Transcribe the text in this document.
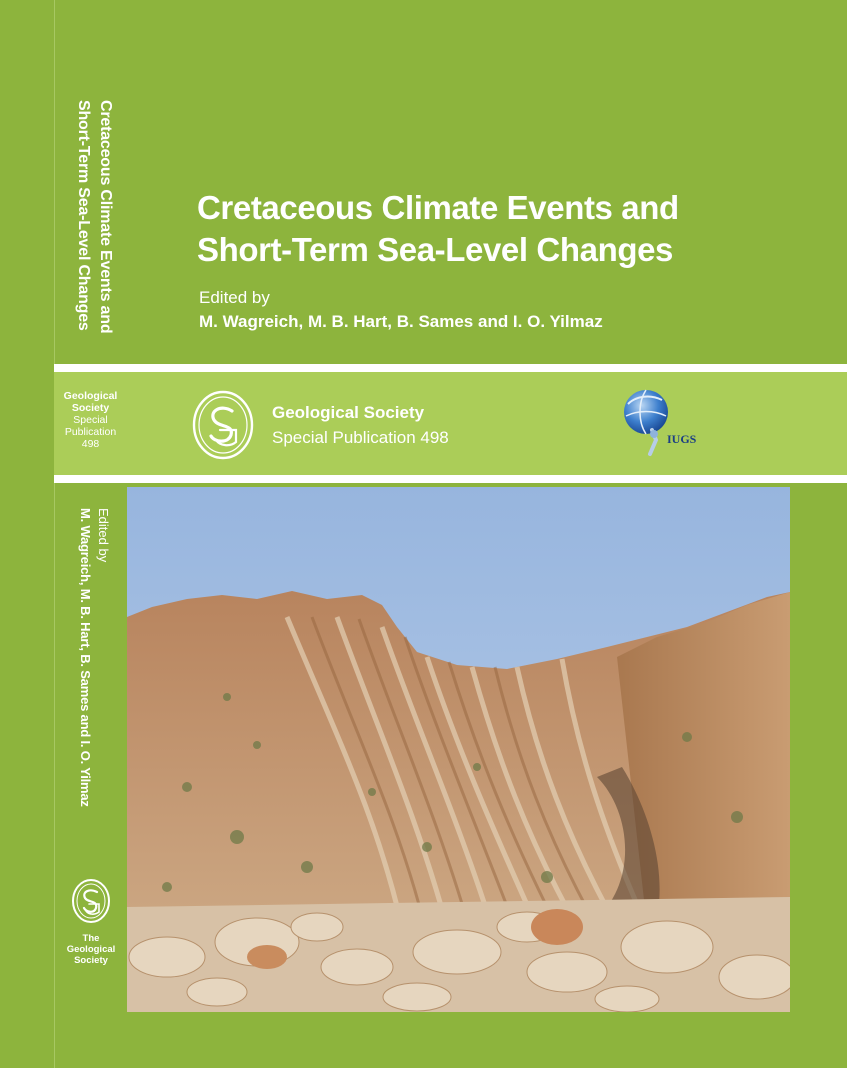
Cretaceous Climate Events and
Short-Term Sea-Level Changes	Cretaceous Climate Events and
Short-Term Sea-Level Changes
Edited by
M. Wagreich, M. B. Hart, B. Sames and I. O. Yilmaz
Geological
Society
Special
Publication
498
Geological Society
Special Publication 498	IUGS
Edited by
M. Wagreich, M. B. Hart, B. Sames and I. O. Yilmaz
The
Geological
Society
